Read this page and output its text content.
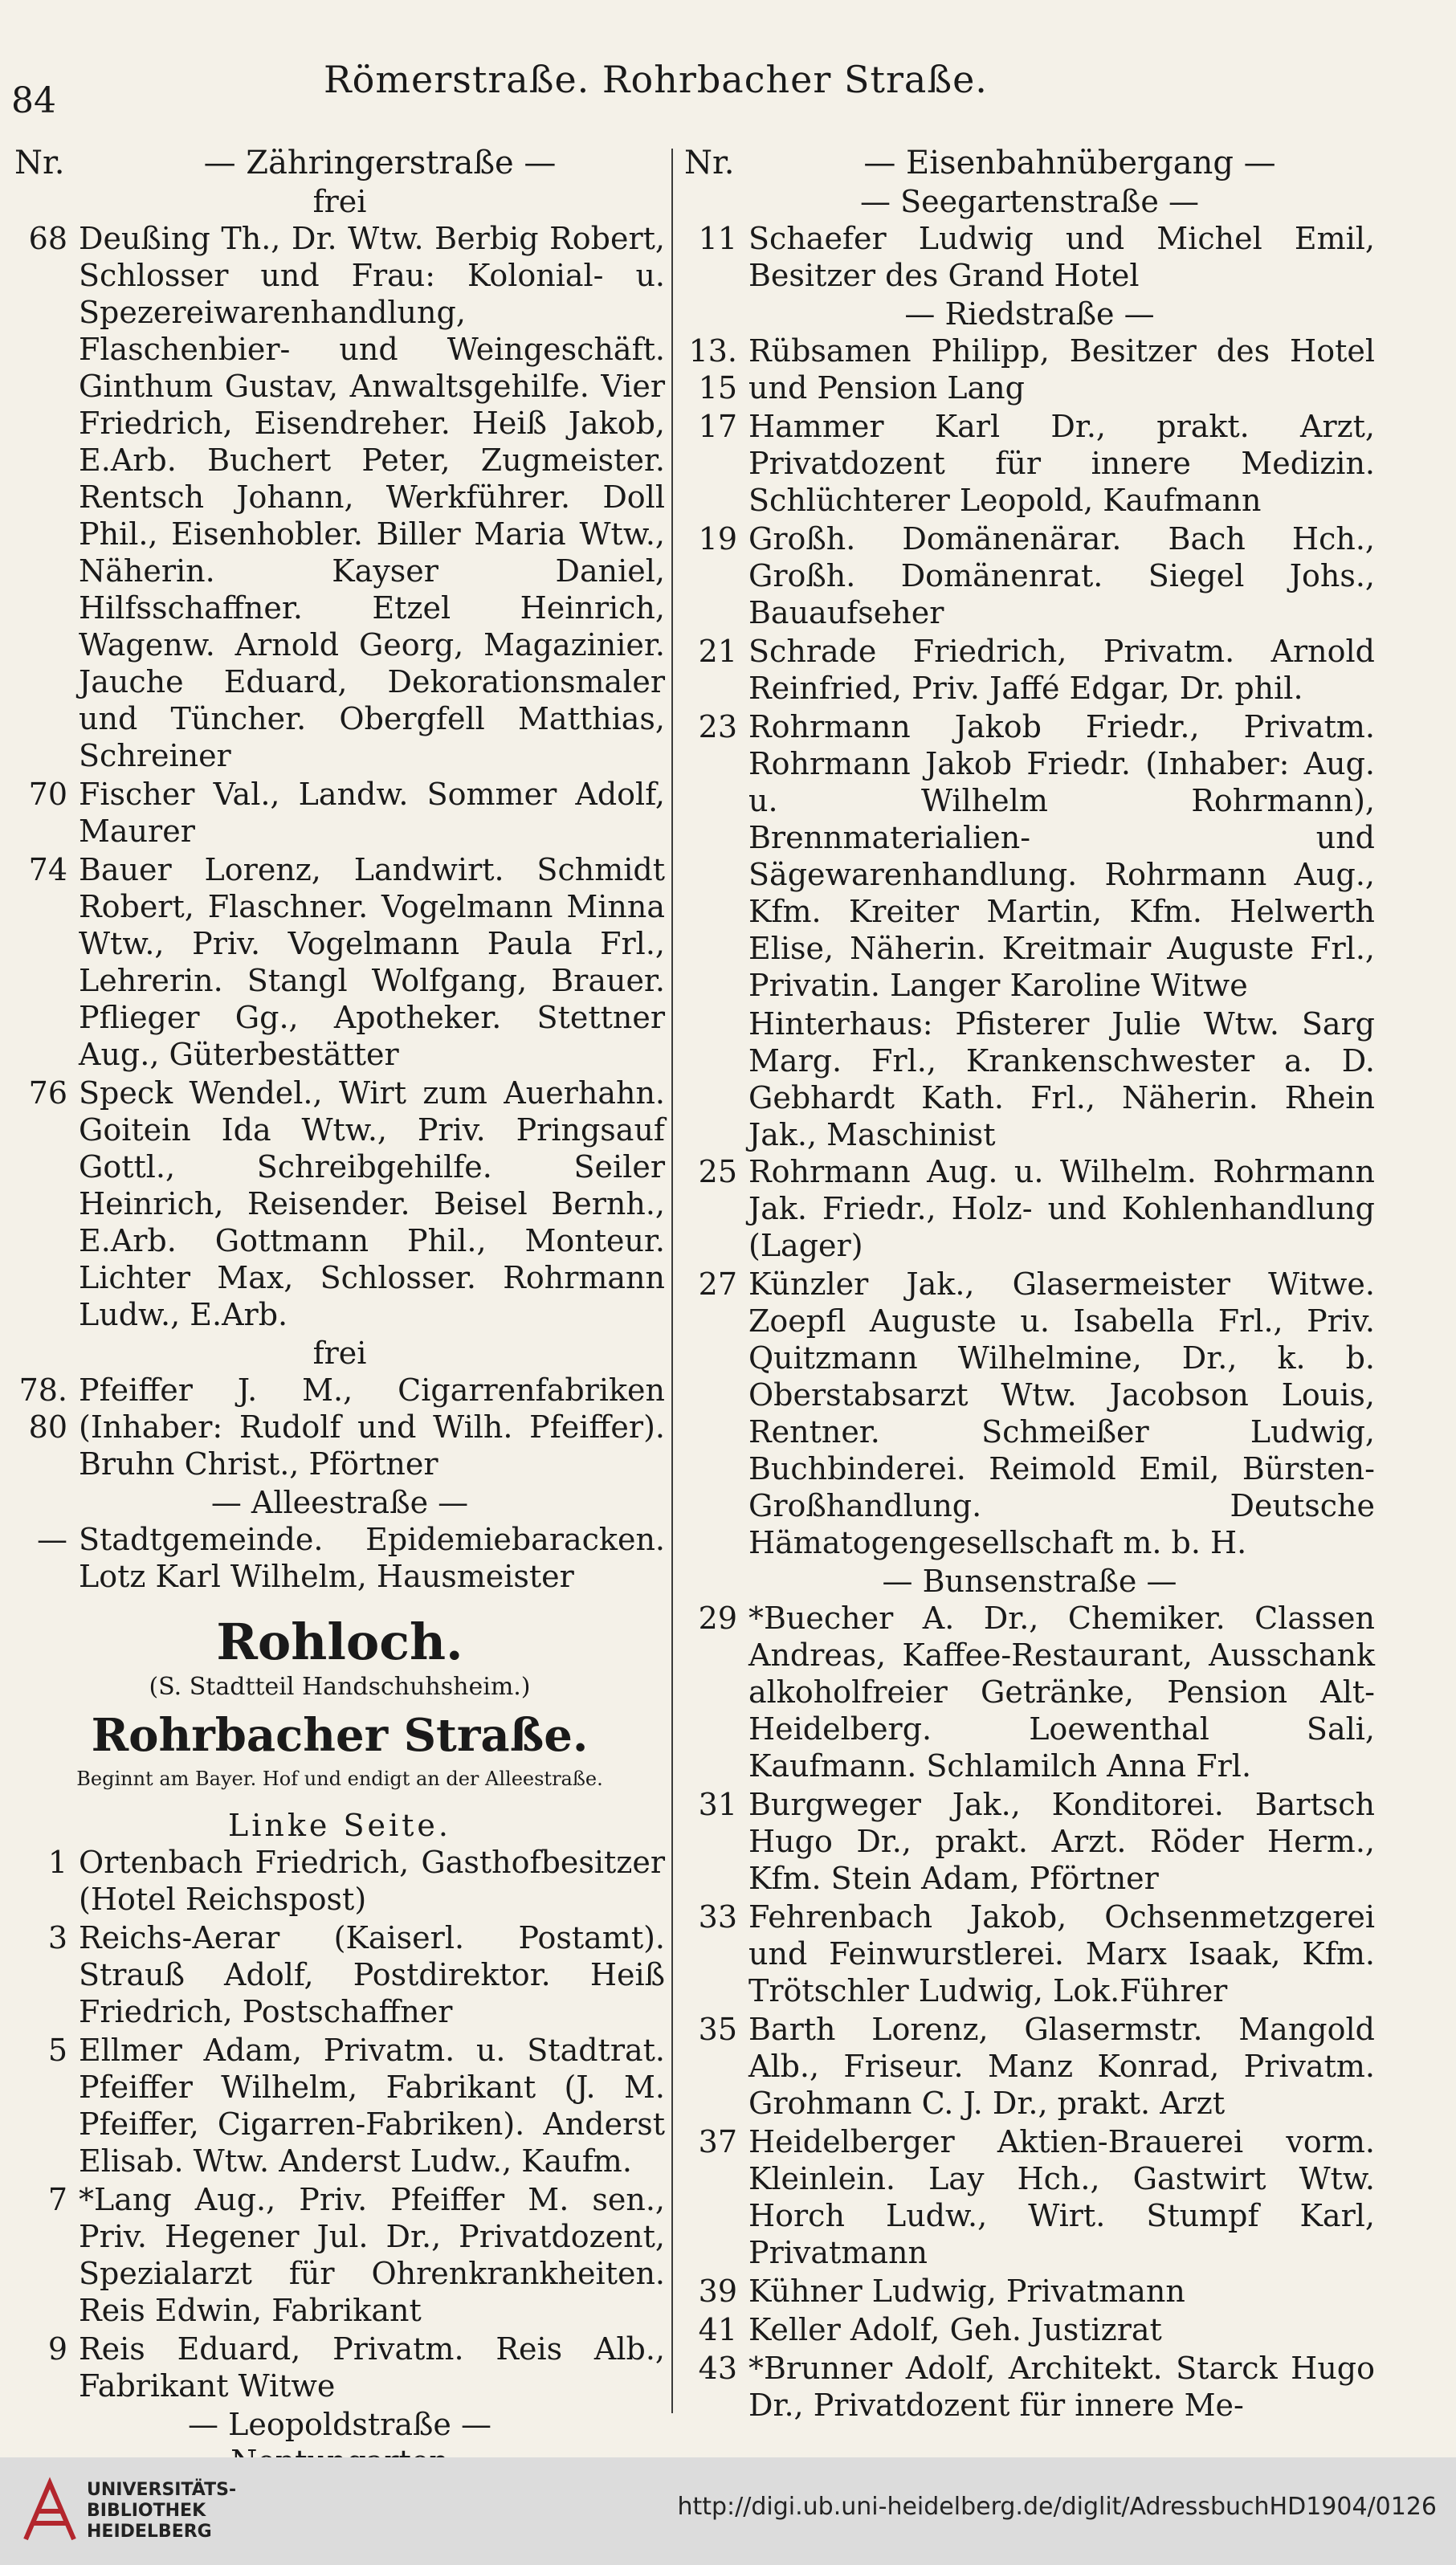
84	Römerstraße. Rohrbacher Straße.
Nr.	— Zähringerstraße —
frei
68 Deußing Th., Dr. Wtw. Berbig Robert, Schlosser und Frau: Kolonial- u. Spezereiwarenhandlung, Flaschenbier- und Weingeschäft. Ginthum Gustav, Anwaltsgehilfe. Vier Friedrich, Eisendreher. Heiß Jakob, E.Arb. Buchert Peter, Zugmeister. Rentsch Johann, Werkführer. Doll Phil., Eisenhobler. Biller Maria Wtw., Näherin. Kayser Daniel, Hilfsschaffner. Etzel Heinrich, Wagenw. Arnold Georg, Magazinier. Jauche Eduard, Dekorationsmaler und Tüncher. Obergfell Matthias, Schreiner
70 Fischer Val., Landw. Sommer Adolf, Maurer
74 Bauer Lorenz, Landwirt. Schmidt Robert, Flaschner. Vogelmann Minna Wtw., Priv. Vogelmann Paula Frl., Lehrerin. Stangl Wolfgang, Brauer. Pflieger Gg., Apotheker. Stettner Aug., Güterbestätter
76 Speck Wendel., Wirt zum Auerhahn. Goitein Ida Wtw., Priv. Pringsauf Gottl., Schreibgehilfe. Seiler Heinrich, Reisender. Beisel Bernh., E.Arb. Gottmann Phil., Monteur. Lichter Max, Schlosser. Rohrmann Ludw., E.Arb.
frei
78. 80
Pfeiffer J. M., Cigarrenfabriken (Inhaber: Rudolf und Wilh. Pfeiffer). Bruhn Christ., Pförtner
— Alleestraße —
— Stadtgemeinde. Epidemiebaracken. Lotz Karl Wilhelm, Hausmeister
Rohloch.
(S. Stadtteil Handschuhsheim.)
Rohrbacher Straße.
Beginnt am Bayer. Hof und endigt an der Alleestraße.
Linke Seite.
1 Ortenbach Friedrich, Gasthofbesitzer (Hotel Reichspost)
3 Reichs-Aerar (Kaiserl. Postamt). Strauß Adolf, Postdirektor. Heiß Friedrich, Postschaffner
5 Ellmer Adam, Privatm. u. Stadtrat. Pfeiffer Wilhelm, Fabrikant (J. M. Pfeiffer, Cigarren-Fabriken). Anderst Elisab. Wtw. Anderst Ludw., Kaufm.
7 *Lang Aug., Priv. Pfeiffer M. sen., Priv. Hegener Jul. Dr., Privatdozent, Spezialarzt für Ohrenkrankheiten. Reis Edwin, Fabrikant
9 Reis Eduard, Privatm. Reis Alb., Fabrikant Witwe
— Leopoldstraße —
Nr.	— Eisenbahnübergang —
— Seegartenstraße —
11 Schaefer Ludwig und Michel Emil, Besitzer des Grand Hotel
— Riedstraße —
13. 15
Rübsamen Philipp, Besitzer des Hotel und Pension Lang
17 Hammer Karl Dr., prakt. Arzt, Privatdozent für innere Medizin. Schlüchterer Leopold, Kaufmann
19 Großh. Domänenärar. Bach Hch., Großh. Domänenrat. Siegel Johs., Bauaufseher
21 Schrade Friedrich, Privatm. Arnold Reinfried, Priv. Jaffé Edgar, Dr. phil.
23 Rohrmann Jakob Friedr., Privatm. Rohrmann Jakob Friedr. (Inhaber: Aug. u. Wilhelm Rohrmann), Brennmaterialien- und Sägewarenhandlung. Rohrmann Aug., Kfm. Kreiter Martin, Kfm. Helwerth Elise, Näherin. Kreitmair Auguste Frl., Privatin. Langer Karoline Witwe
Hinterhaus: Pfisterer Julie Wtw. Sarg Marg. Frl., Krankenschwester a. D. Gebhardt Kath. Frl., Näherin. Rhein Jak., Maschinist
25 Rohrmann Aug. u. Wilhelm. Rohrmann Jak. Friedr., Holz- und Kohlenhandlung (Lager)
27 Künzler Jak., Glasermeister Witwe. Zoepfl Auguste u. Isabella Frl., Priv. Quitzmann Wilhelmine, Dr., k. b. Oberstabsarzt Wtw. Jacobson Louis, Rentner. Schmeißer Ludwig, Buchbinderei. Reimold Emil, Bürsten-Großhandlung. Deutsche Hämatogengesellschaft m. b. H.
— Bunsenstraße —
29 *Buecher A. Dr., Chemiker. Classen Andreas, Kaffee-Restaurant, Ausschank alkoholfreier Getränke, Pension Alt-Heidelberg. Loewenthal Sali, Kaufmann. Schlamilch Anna Frl.
31 Burgweger Jak., Konditorei. Bartsch Hugo Dr., prakt. Arzt. Röder Herm., Kfm. Stein Adam, Pförtner
33 Fehrenbach Jakob, Ochsenmetzgerei und Feinwurstlerei. Marx Isaak, Kfm. Trötschler Ludwig, Lok.Führer
35 Barth Lorenz, Glasermstr. Mangold Alb., Friseur. Manz Konrad, Privatm. Grohmann C. J. Dr., prakt. Arzt
37 Heidelberger Aktien-Brauerei vorm. Kleinlein. Lay Hch., Gastwirt Wtw. Horch Ludw., Wirt. Stumpf Karl, Privatmann
39 Kühner Ludwig, Privatmann
41 Keller Adolf, Geh. Justizrat
43 *Brunner Adolf, Architekt. Starck Hugo Dr., Privatdozent für innere Me-
UNIVERSITÄTS-
BIBLIOTHEK
HEIDELBERG
http://digi.ub.uni-heidelberg.de/diglit/AdressbuchHD1904/0126
